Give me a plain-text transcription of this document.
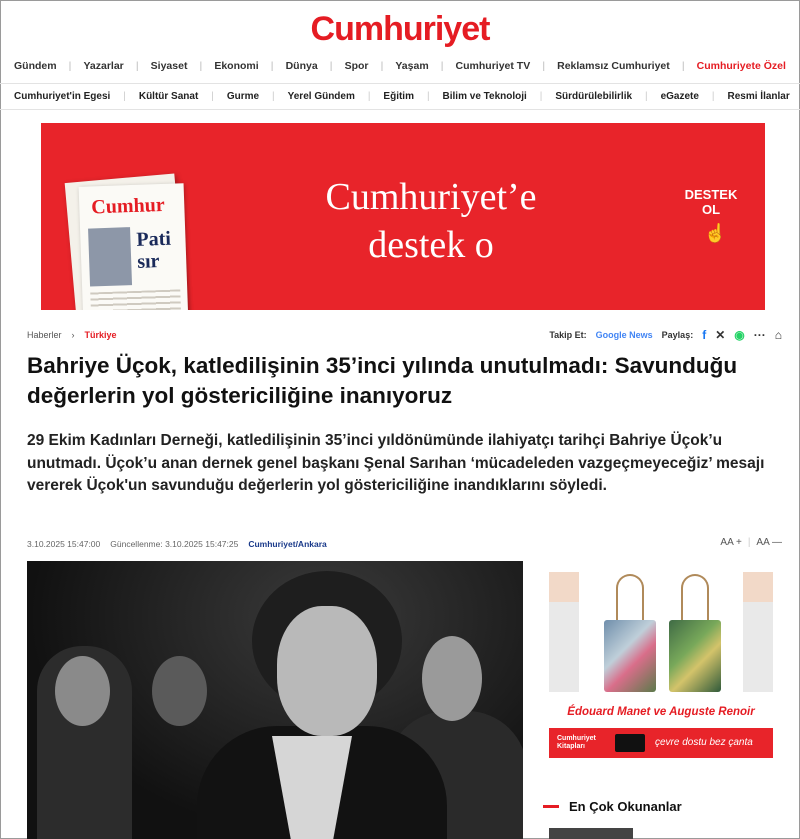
Cumhuriyet
Gündem | Yazarlar | Siyaset | Ekonomi | Dünya | Spor | Yaşam | Cumhuriyet TV | Reklamsız Cumhuriyet | Cumhuriyete Özel
Cumhuriyet'in Egesi | Kültür Sanat | Gurme | Yerel Gündem | Eğitim | Bilim ve Teknoloji | Sürdürülebilirlik | eGazete | Resmi İlanlar
Cumhur
Pati
sır
Cumhuriyet’e
destek o
DESTEK
OL
☝
Haberler › Türkiye	Takip Et: Google News Paylaş: f ✕ ◉ ··· ⌂
Bahriye Üçok, katledilişinin 35’inci yılında unutulmadı: Savunduğu değerlerin yol göstericiliğine inanıyoruz

29 Ekim Kadınları Derneği, katledilişinin 35’inci yıldönümünde ilahiyatçı tarihçi Bahriye Üçok’u unutmadı. Üçok’u anan dernek genel başkanı Şenal Sarıhan ‘mücadeleden vazgeçmeyeceğiz’ mesajı vererek Üçok'un savunduğu değerlerin yol göstericiliğine inandıklarını söyledi.

3.10.2025 15:47:00 Güncellenme: 3.10.2025 15:47:25 Cumhuriyet/Ankara	AA + | AA —
Édouard Manet ve Auguste Renoir
Cumhuriyet Kitapları	çevre dostu bez çanta
En Çok Okunanlar
